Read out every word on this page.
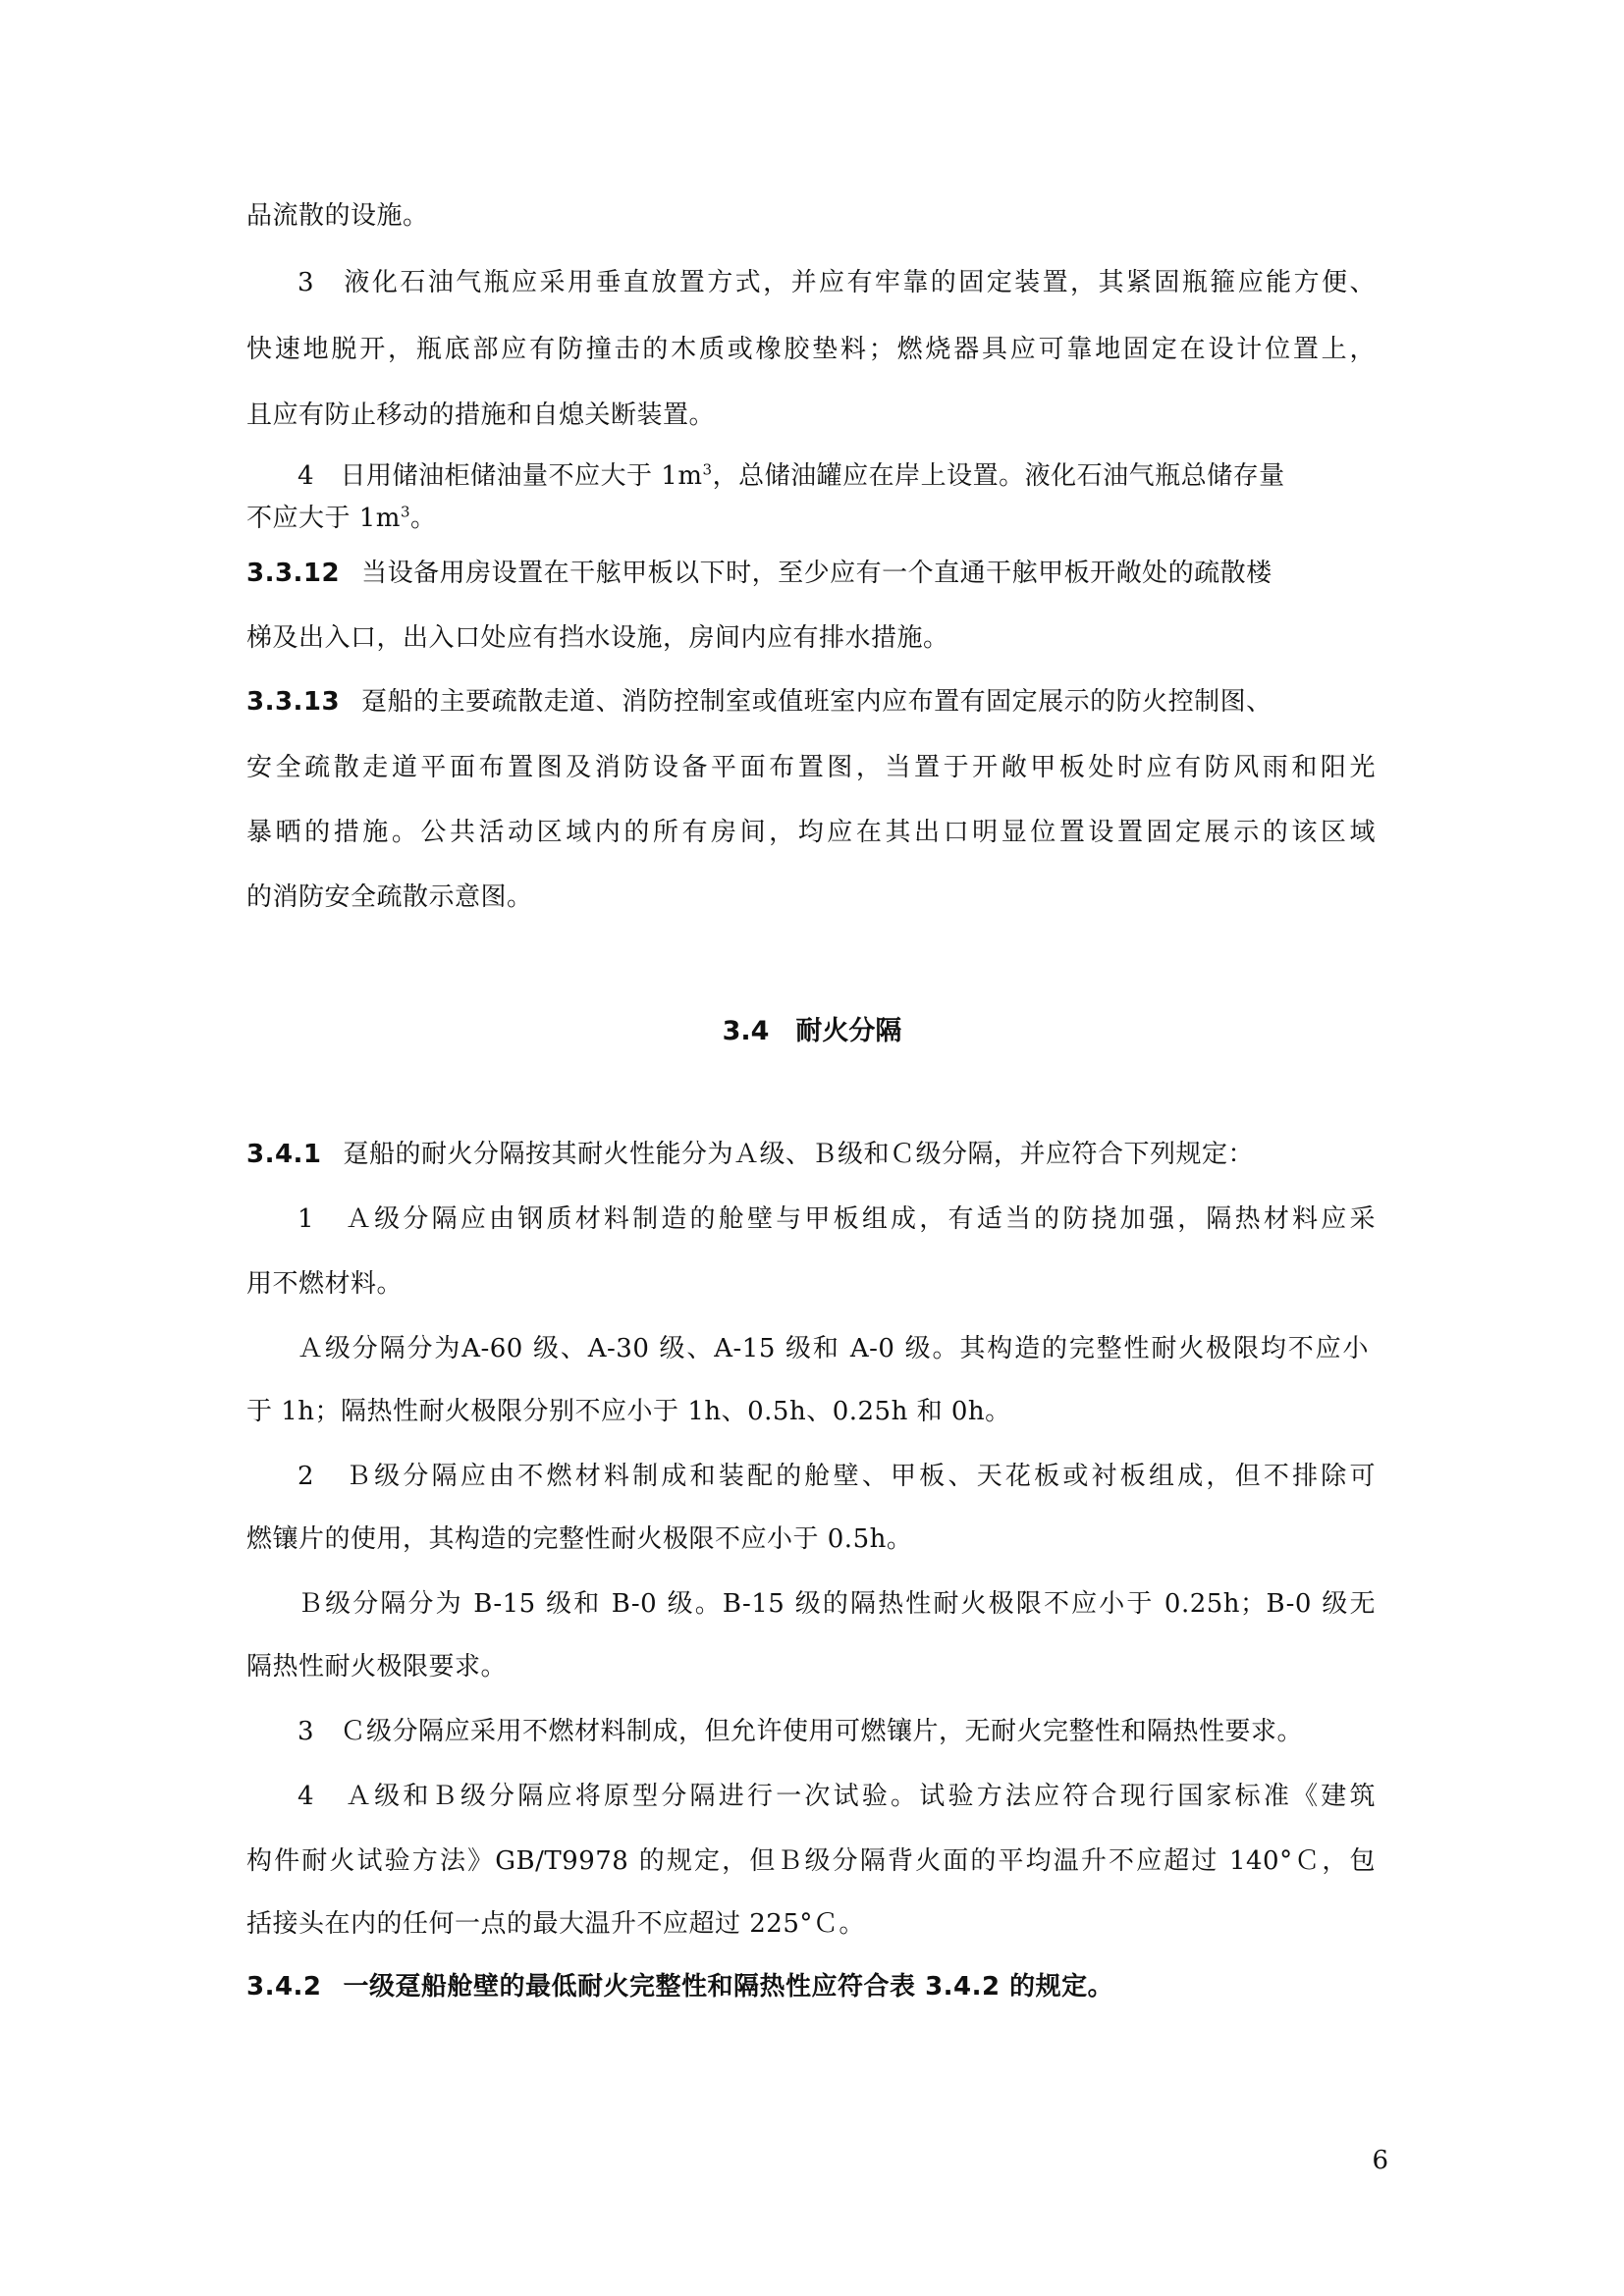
品流散的设施。
3　液化石油气瓶应采用垂直放置方式，并应有牢靠的固定装置，其紧固瓶箍应能方便、
快速地脱开，瓶底部应有防撞击的木质或橡胶垫料；燃烧器具应可靠地固定在设计位置上，
且应有防止移动的措施和自熄关断装置。
4　日用储油柜储油量不应大于 $1m^3$，总储油罐应在岸上设置。液化石油气瓶总储存量
不应大于 $1m^3$。
3.3.12 当设备用房设置在干舷甲板以下时，至少应有一个直通干舷甲板开敞处的疏散楼
梯及出入口，出入口处应有挡水设施，房间内应有排水措施。
3.3.13 趸船的主要疏散走道、消防控制室或值班室内应布置有固定展示的防火控制图、
安全疏散走道平面布置图及消防设备平面布置图，当置于开敞甲板处时应有防风雨和阳光
暴晒的措施。公共活动区域内的所有房间，均应在其出口明显位置设置固定展示的该区域
的消防安全疏散示意图。
3.4  耐火分隔
3.4.1 趸船的耐火分隔按其耐火性能分为Ａ级、Ｂ级和Ｃ级分隔，并应符合下列规定：
1　Ａ级分隔应由钢质材料制造的舱壁与甲板组成，有适当的防挠加强，隔热材料应采
用不燃材料。
Ａ级分隔分为A-60 级、A-30 级、A-15 级和 A-0 级。其构造的完整性耐火极限均不应小
于 1h；隔热性耐火极限分别不应小于 1h、0.5h、0.25h 和 0h。
2　Ｂ级分隔应由不燃材料制成和装配的舱壁、甲板、天花板或衬板组成，但不排除可
燃镶片的使用，其构造的完整性耐火极限不应小于 0.5h。
Ｂ级分隔分为 B-15 级和 B-0 级。B-15 级的隔热性耐火极限不应小于 0.25h；B-0 级无
隔热性耐火极限要求。
3　Ｃ级分隔应采用不燃材料制成，但允许使用可燃镶片，无耐火完整性和隔热性要求。
4　Ａ级和Ｂ级分隔应将原型分隔进行一次试验。试验方法应符合现行国家标准《建筑
构件耐火试验方法》GB/T9978 的规定，但Ｂ级分隔背火面的平均温升不应超过 140°Ｃ，包
括接头在内的任何一点的最大温升不应超过 225°Ｃ。
3.4.2 一级趸船舱壁的最低耐火完整性和隔热性应符合表 3.4.2 的规定。
6
